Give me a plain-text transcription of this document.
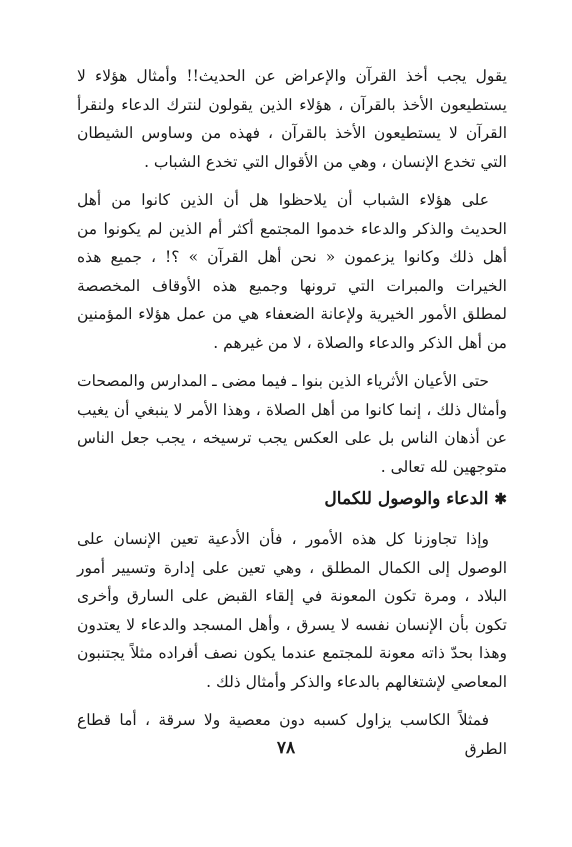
يقول يجب أخذ القرآن والإعراض عن الحديث!! وأمثال هؤلاء لا يستطيعون الأخذ بالقرآن ، هؤلاء الذين يقولون لنترك الدعاء ولنقرأ القرآن لا يستطيعون الأخذ بالقرآن ، فهذه من وساوس الشيطان التي تخدع الإنسان ، وهي من الأقوال التي تخدع الشباب .

على هؤلاء الشباب أن يلاحظوا هل أن الذين كانوا من أهل الحديث والذكر والدعاء خدموا المجتمع أكثر أم الذين لم يكونوا من أهل ذلك وكانوا يزعمون « نحن أهل القرآن » ؟! ، جميع هذه الخيرات والمبرات التي ترونها وجميع هذه الأوقاف المخصصة لمطلق الأمور الخيرية ولإعانة الضعفاء هي من عمل هؤلاء المؤمنين من أهل الذكر والدعاء والصلاة ، لا من غيرهم .

حتى الأعيان الأثرياء الذين بنوا ـ فيما مضى ـ المدارس والمصحات وأمثال ذلك ، إنما كانوا من أهل الصلاة ، وهذا الأمر لا ينبغي أن يغيب عن أذهان الناس بل على العكس يجب ترسيخه ، يجب جعل الناس متوجهين لله تعالى .

✱
الدعاء والوصول للكمال

وإذا تجاوزنا كل هذه الأمور ، فأن الأدعية تعين الإنسان على الوصول إلى الكمال المطلق ، وهي تعين على إدارة وتسيير أمور البلاد ، ومرة تكون المعونة في إلقاء القبض على السارق وأخرى تكون بأن الإنسان نفسه لا يسرق ، وأهل المسجد والدعاء لا يعتدون وهذا بحدّ ذاته معونة للمجتمع عندما يكون نصف أفراده مثلاً يجتنبون المعاصي لإشتغالهم بالدعاء والذكر وأمثال ذلك .

فمثلاً الكاسب يزاول كسبه دون معصية ولا سرقة ، أما قطاع الطرق

٧٨
